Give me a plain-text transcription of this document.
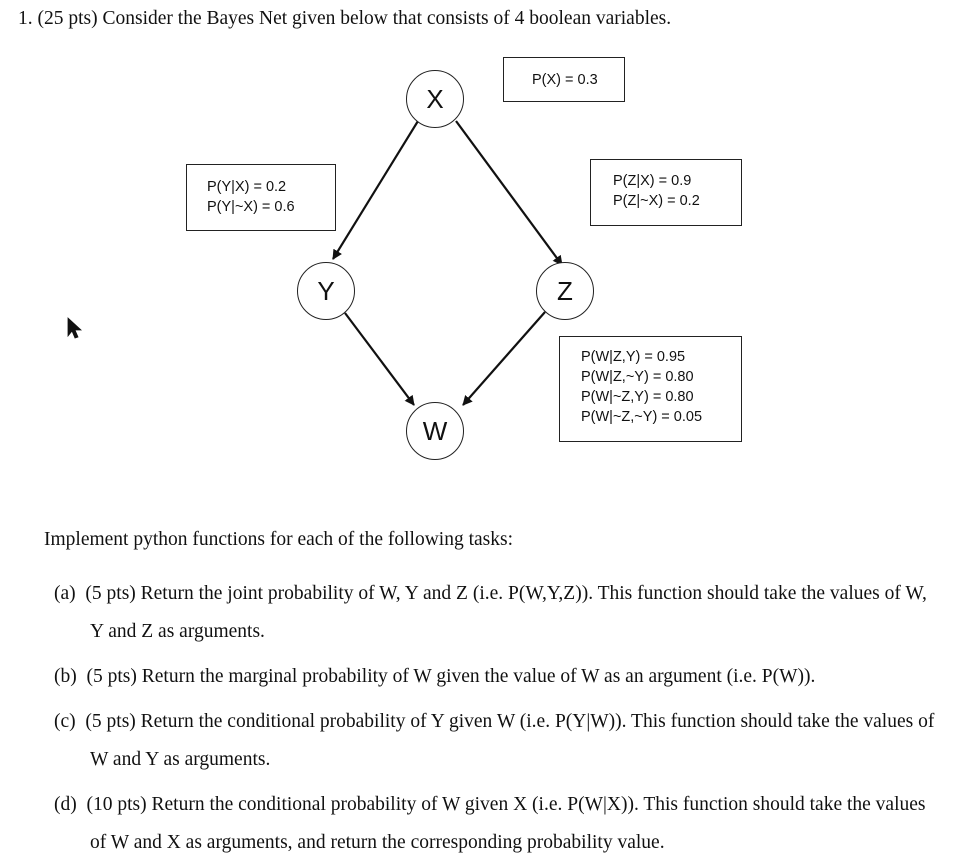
1. (25 pts) Consider the Bayes Net given below that consists of 4 boolean variables.
X
Y	Z
W
P(X) = 0.3
P(Y|X) = 0.2
P(Y|~X) = 0.6
P(Z|X) = 0.9
P(Z|~X) = 0.2
P(W|Z,Y) = 0.95
P(W|Z,~Y) = 0.80
P(W|~Z,Y) = 0.80
P(W|~Z,~Y) = 0.05
Implement python functions for each of the following tasks:
(a) (5 pts) Return the joint probability of W, Y and Z (i.e. P(W,Y,Z)). This function should take the values of W, Y and Z as arguments.
(b) (5 pts) Return the marginal probability of W given the value of W as an argument (i.e. P(W)).
(c) (5 pts) Return the conditional probability of Y given W (i.e. P(Y|W)). This function should take the values of W and Y as arguments.
(d) (10 pts) Return the conditional probability of W given X (i.e. P(W|X)). This function should take the values of W and X as arguments, and return the corresponding probability value.
